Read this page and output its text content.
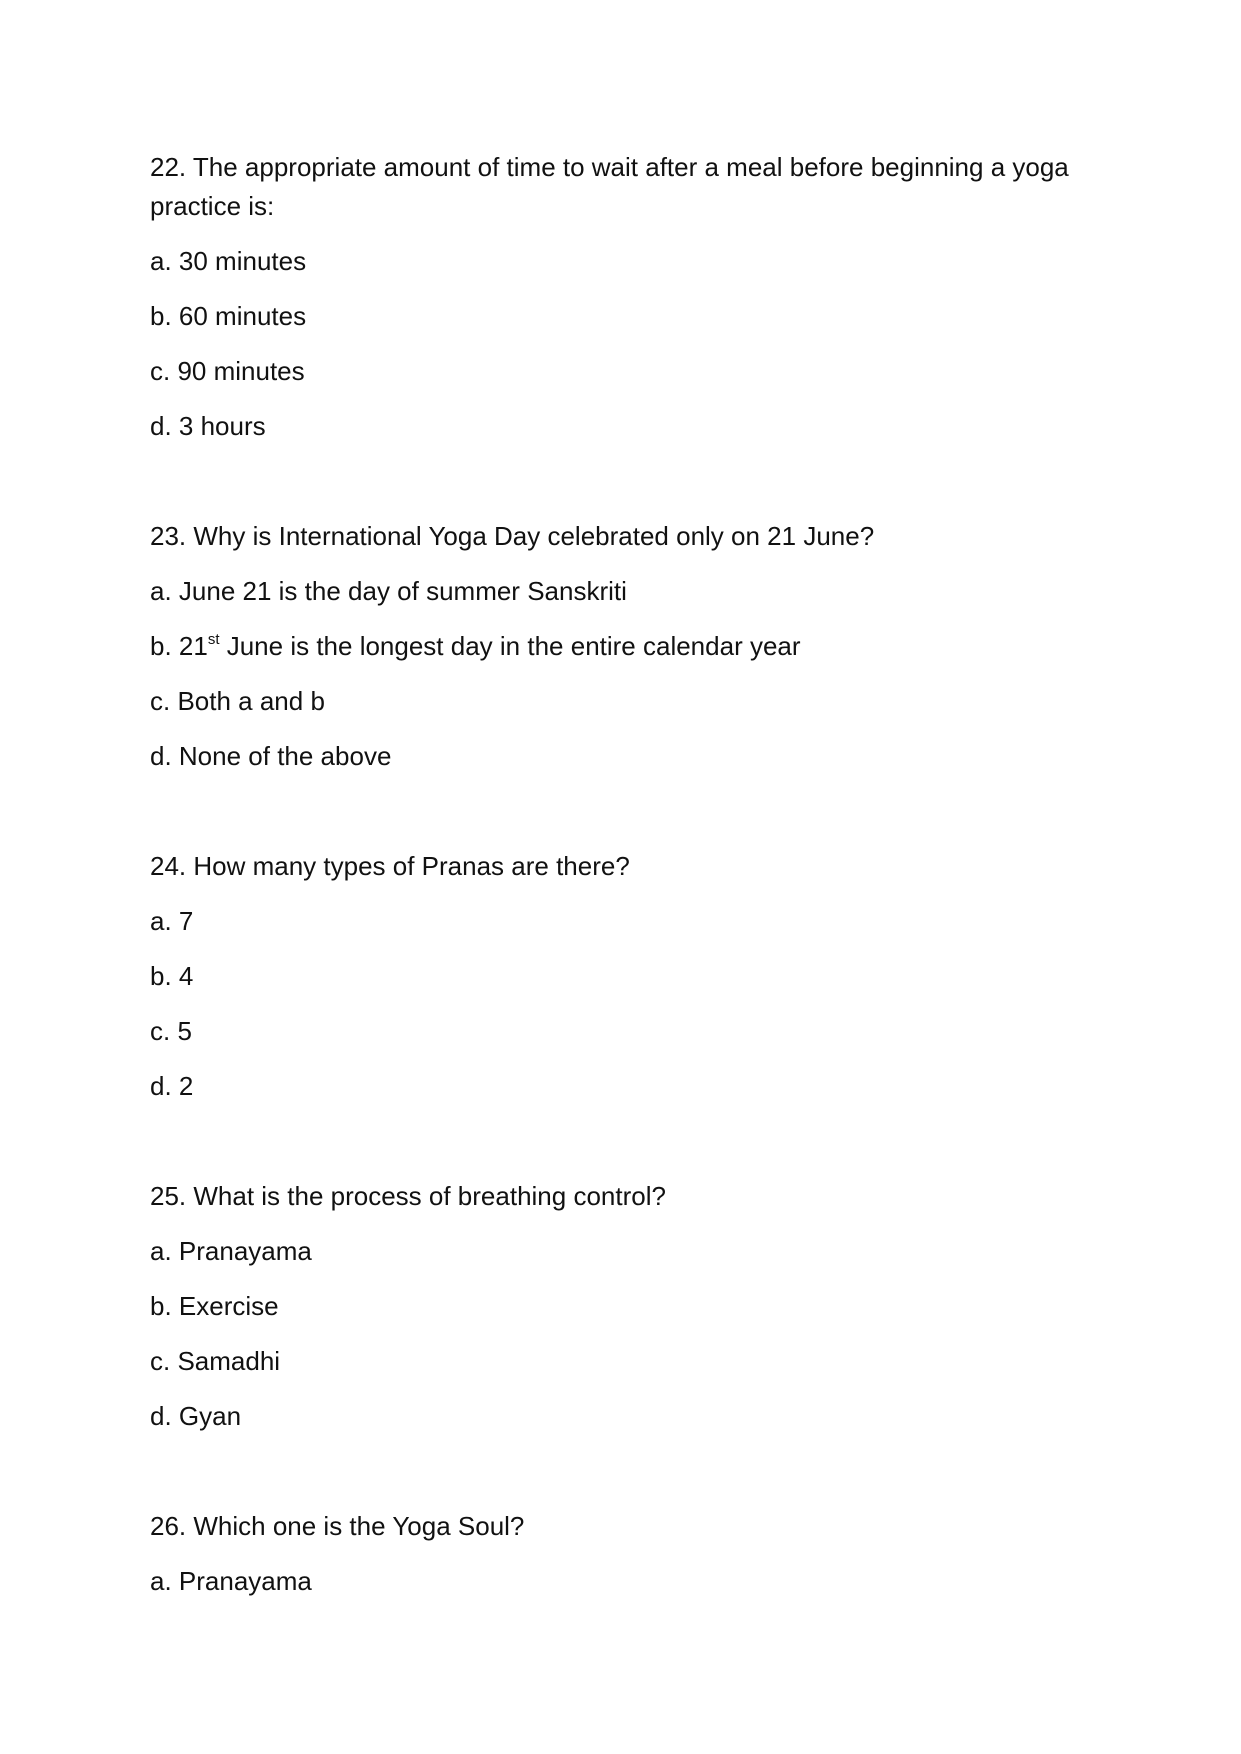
22. The appropriate amount of time to wait after a meal before beginning a yoga practice is:
a. 30 minutes
b. 60 minutes
c. 90 minutes
d. 3 hours
23. Why is International Yoga Day celebrated only on 21 June?
a. June 21 is the day of summer Sanskriti
b. 21st June is the longest day in the entire calendar year
c. Both a and b
d. None of the above
24. How many types of Pranas are there?
a. 7
b. 4
c. 5
d. 2
25. What is the process of breathing control?
a. Pranayama
b. Exercise
c. Samadhi
d. Gyan
26. Which one is the Yoga Soul?
a. Pranayama
